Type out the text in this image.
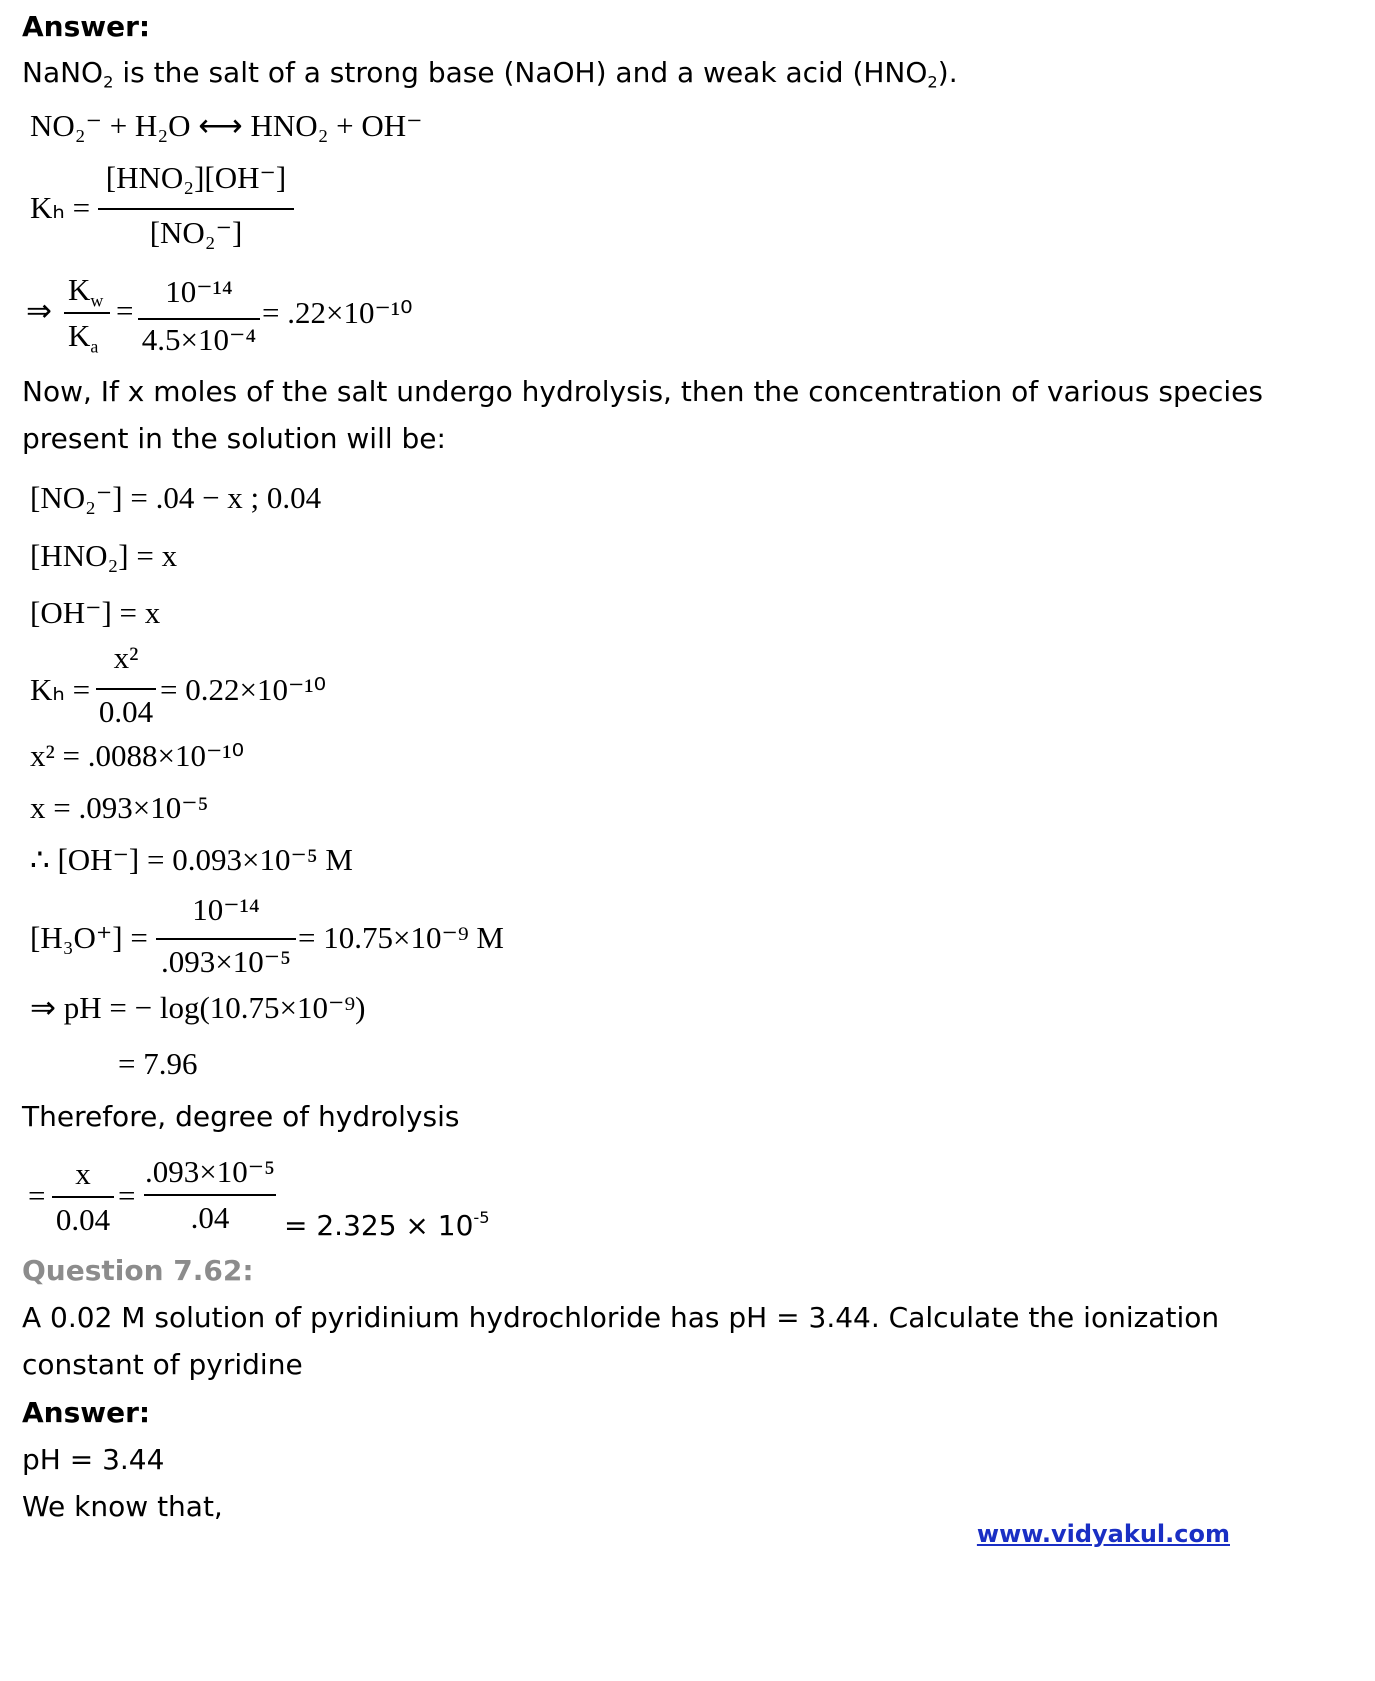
Answer:
NaNO$_2$ is the salt of a strong base (NaOH) and a weak acid $(HNO_2)$.
NO₂⁻ + H₂O ⟷ HNO₂ + OH⁻
Kₕ =
[HNO₂][OH⁻]
[NO₂⁻]
⇒
$K_w$
$K_a$
=
10⁻¹⁴
4.5×10⁻⁴
= .22×10⁻¹⁰
Now, If x moles of the salt undergo hydrolysis, then the concentration of various species
present in the solution will be:
[NO₂⁻] = .04 − x ; 0.04
[HNO₂] = x
[OH⁻] = x
Kₕ =
x²
0.04
= 0.22×10⁻¹⁰
x² = .0088×10⁻¹⁰
x = .093×10⁻⁵
∴ [OH⁻] = 0.093×10⁻⁵ M
[H₃O⁺] =
10⁻¹⁴
.093×10⁻⁵
= 10.75×10⁻⁹ M
⇒ pH = − log(10.75×10⁻⁹)
= 7.96
Therefore, degree of hydrolysis
=
x
0.04
=
.093×10⁻⁵
.04	= $2.325 \times 10^{-5}$
Question 7.62:
A 0.02 M solution of pyridinium hydrochloride has pH = 3.44. Calculate the ionization
constant of pyridine
Answer:
pH = 3.44
We know that,
www.vidyakul.com
